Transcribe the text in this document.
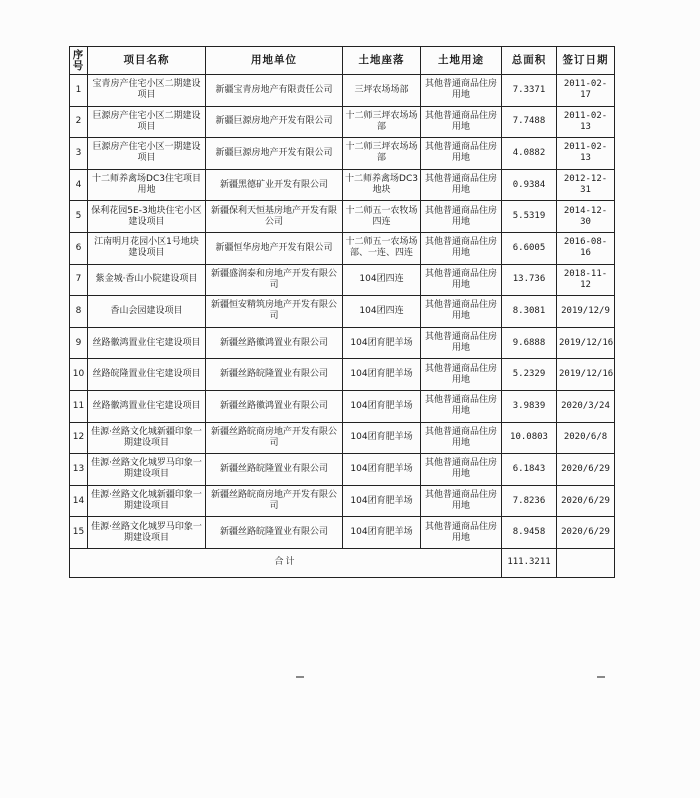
序号	项目名称	用地单位	土地座落	土地用途	总面积	签订日期
1	宝青房产住宅小区二期建设项目	新疆宝青房地产有限责任公司	三坪农场场部	其他普通商品住房用地	7.3371	2011-02-17
2	巨源房产住宅小区二期建设项目	新疆巨源房地产开发有限公司	十二师三坪农场场部	其他普通商品住房用地	7.7488	2011-02-13
3	巨源房产住宅小区一期建设项目	新疆巨源房地产开发有限公司	十二师三坪农场场部	其他普通商品住房用地	4.0882	2011-02-13
4	十二师养禽场DC3住宅项目用地	新疆黑德矿业开发有限公司	十二师养禽场DC3地块	其他普通商品住房用地	0.9384	2012-12-31
5	保利花园5E-3地块住宅小区建设项目	新疆保利天恒基房地产开发有限公司	十二师五一农牧场四连	其他普通商品住房用地	5.5319	2014-12-30
6	江南明月花园小区1号地块建设项目	新疆恒华房地产开发有限公司	十二师五一农场场部、一连、四连	其他普通商品住房用地	6.6005	2016-08-16
7	紫金城·香山小院建设项目	新疆盛润泰和房地产开发有限公司	104团四连	其他普通商品住房用地	13.736	2018-11-12
8	香山会园建设项目	新疆恒安精筑房地产开发有限公司	104团四连	其他普通商品住房用地	8.3081	2019/12/9
9	丝路徽鸿置业住宅建设项目	新疆丝路徽鸿置业有限公司	104团育肥羊场	其他普通商品住房用地	9.6888	2019/12/16
10	丝路皖隆置业住宅建设项目	新疆丝路皖隆置业有限公司	104团育肥羊场	其他普通商品住房用地	5.2329	2019/12/16
11	丝路徽鸿置业住宅建设项目	新疆丝路徽鸿置业有限公司	104团育肥羊场	其他普通商品住房用地	3.9839	2020/3/24
12	佳源·丝路文化城新疆印象一期建设项目	新疆丝路皖商房地产开发有限公司	104团育肥羊场	其他普通商品住房用地	10.0803	2020/6/8
13	佳源·丝路文化城罗马印象一期建设项目	新疆丝路皖隆置业有限公司	104团育肥羊场	其他普通商品住房用地	6.1843	2020/6/29
14	佳源·丝路文化城新疆印象一期建设项目	新疆丝路皖商房地产开发有限公司	104团育肥羊场	其他普通商品住房用地	7.8236	2020/6/29
15	佳源·丝路文化城罗马印象一期建设项目	新疆丝路皖隆置业有限公司	104团育肥羊场	其他普通商品住房用地	8.9458	2020/6/29
合计					111.3211	
